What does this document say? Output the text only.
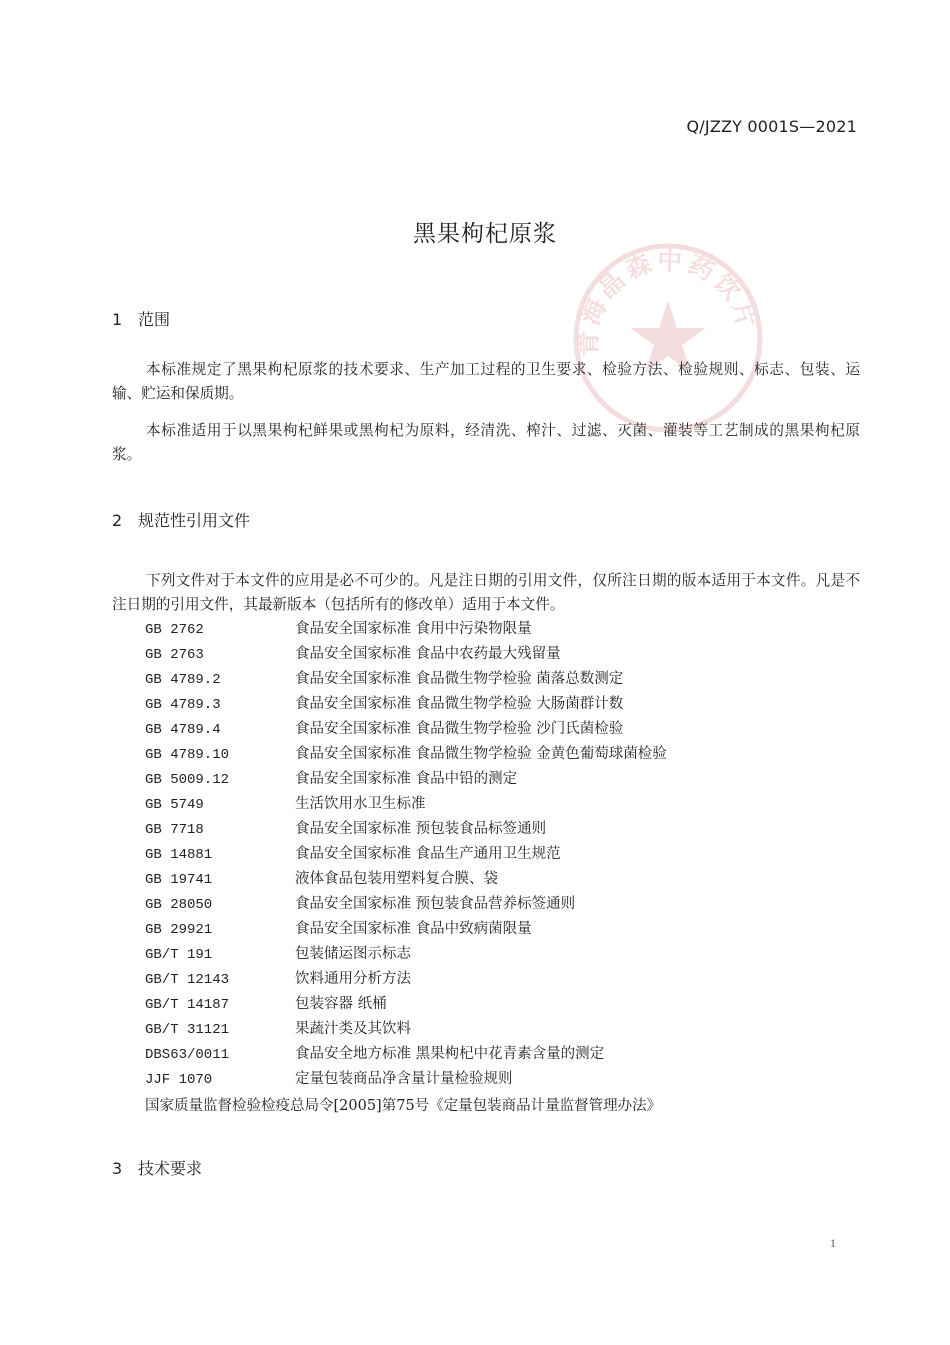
Q/JZZY 0001S—2021
青海晶森中药饮片
黑果枸杞原浆
1 范围

本标准规定了黑果枸杞原浆的技术要求、生产加工过程的卫生要求、检验方法、检验规则、标志、包装、运输、贮运和保质期。

本标准适用于以黑果枸杞鲜果或黑枸杞为原料，经清洗、榨汁、过滤、灭菌、灌装等工艺制成的黑果枸杞原浆。

2 规范性引用文件

下列文件对于本文件的应用是必不可少的。凡是注日期的引用文件，仅所注日期的版本适用于本文件。凡是不注日期的引用文件，其最新版本（包括所有的修改单）适用于本文件。

GB 2762	食品安全国家标准 食用中污染物限量
GB 2763	食品安全国家标准 食品中农药最大残留量
GB 4789.2	食品安全国家标准 食品微生物学检验 菌落总数测定
GB 4789.3	食品安全国家标准 食品微生物学检验 大肠菌群计数
GB 4789.4	食品安全国家标准 食品微生物学检验 沙门氏菌检验
GB 4789.10	食品安全国家标准 食品微生物学检验 金黄色葡萄球菌检验
GB 5009.12	食品安全国家标准 食品中铅的测定
GB 5749	生活饮用水卫生标准
GB 7718	食品安全国家标准 预包装食品标签通则
GB 14881	食品安全国家标准 食品生产通用卫生规范
GB 19741	液体食品包装用塑料复合膜、袋
GB 28050	食品安全国家标准 预包装食品营养标签通则
GB 29921	食品安全国家标准 食品中致病菌限量
GB/T 191	包装储运图示标志
GB/T 12143	饮料通用分析方法
GB/T 14187	包装容器 纸桶
GB/T 31121	果蔬汁类及其饮料
DBS63/0011	食品安全地方标准 黑果枸杞中花青素含量的测定
JJF 1070	定量包装商品净含量计量检验规则
国家质量监督检验检疫总局令[2005]第75号《定量包装商品计量监督管理办法》
3 技术要求
1
